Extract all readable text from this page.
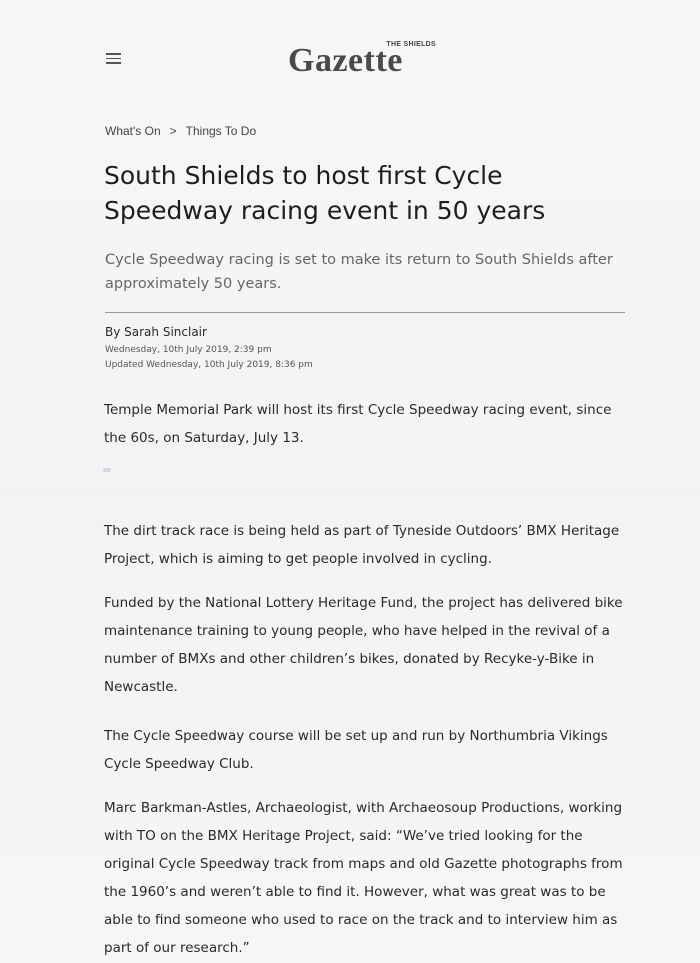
THE SHIELDS
Gazette
What's On > Things To Do
South Shields to host first Cycle Speedway racing event in 50 years

Cycle Speedway racing is set to make its return to South Shields after approximately 50 years.

By Sarah Sinclair
Wednesday, 10th July 2019, 2:39 pm
Updated Wednesday, 10th July 2019, 8:36 pm

Temple Memorial Park will host its first Cycle Speedway racing event, since the 60s, on Saturday, July 13.

The dirt track race is being held as part of Tyneside Outdoors’ BMX Heritage Project, which is aiming to get people involved in cycling.

Funded by the National Lottery Heritage Fund, the project has delivered bike maintenance training to young people, who have helped in the revival of a number of BMXs and other children’s bikes, donated by Recyke-y-Bike in Newcastle.

The Cycle Speedway course will be set up and run by Northumbria Vikings Cycle Speedway Club.

Marc Barkman-Astles, Archaeologist, with Archaeosoup Productions, working with TO on the BMX Heritage Project, said: “We’ve tried looking for the original Cycle Speedway track from maps and old Gazette photographs from the 1960’s and weren’t able to find it. However, what was great was to be able to find someone who used to race on the track and to interview him as part of our research.”
